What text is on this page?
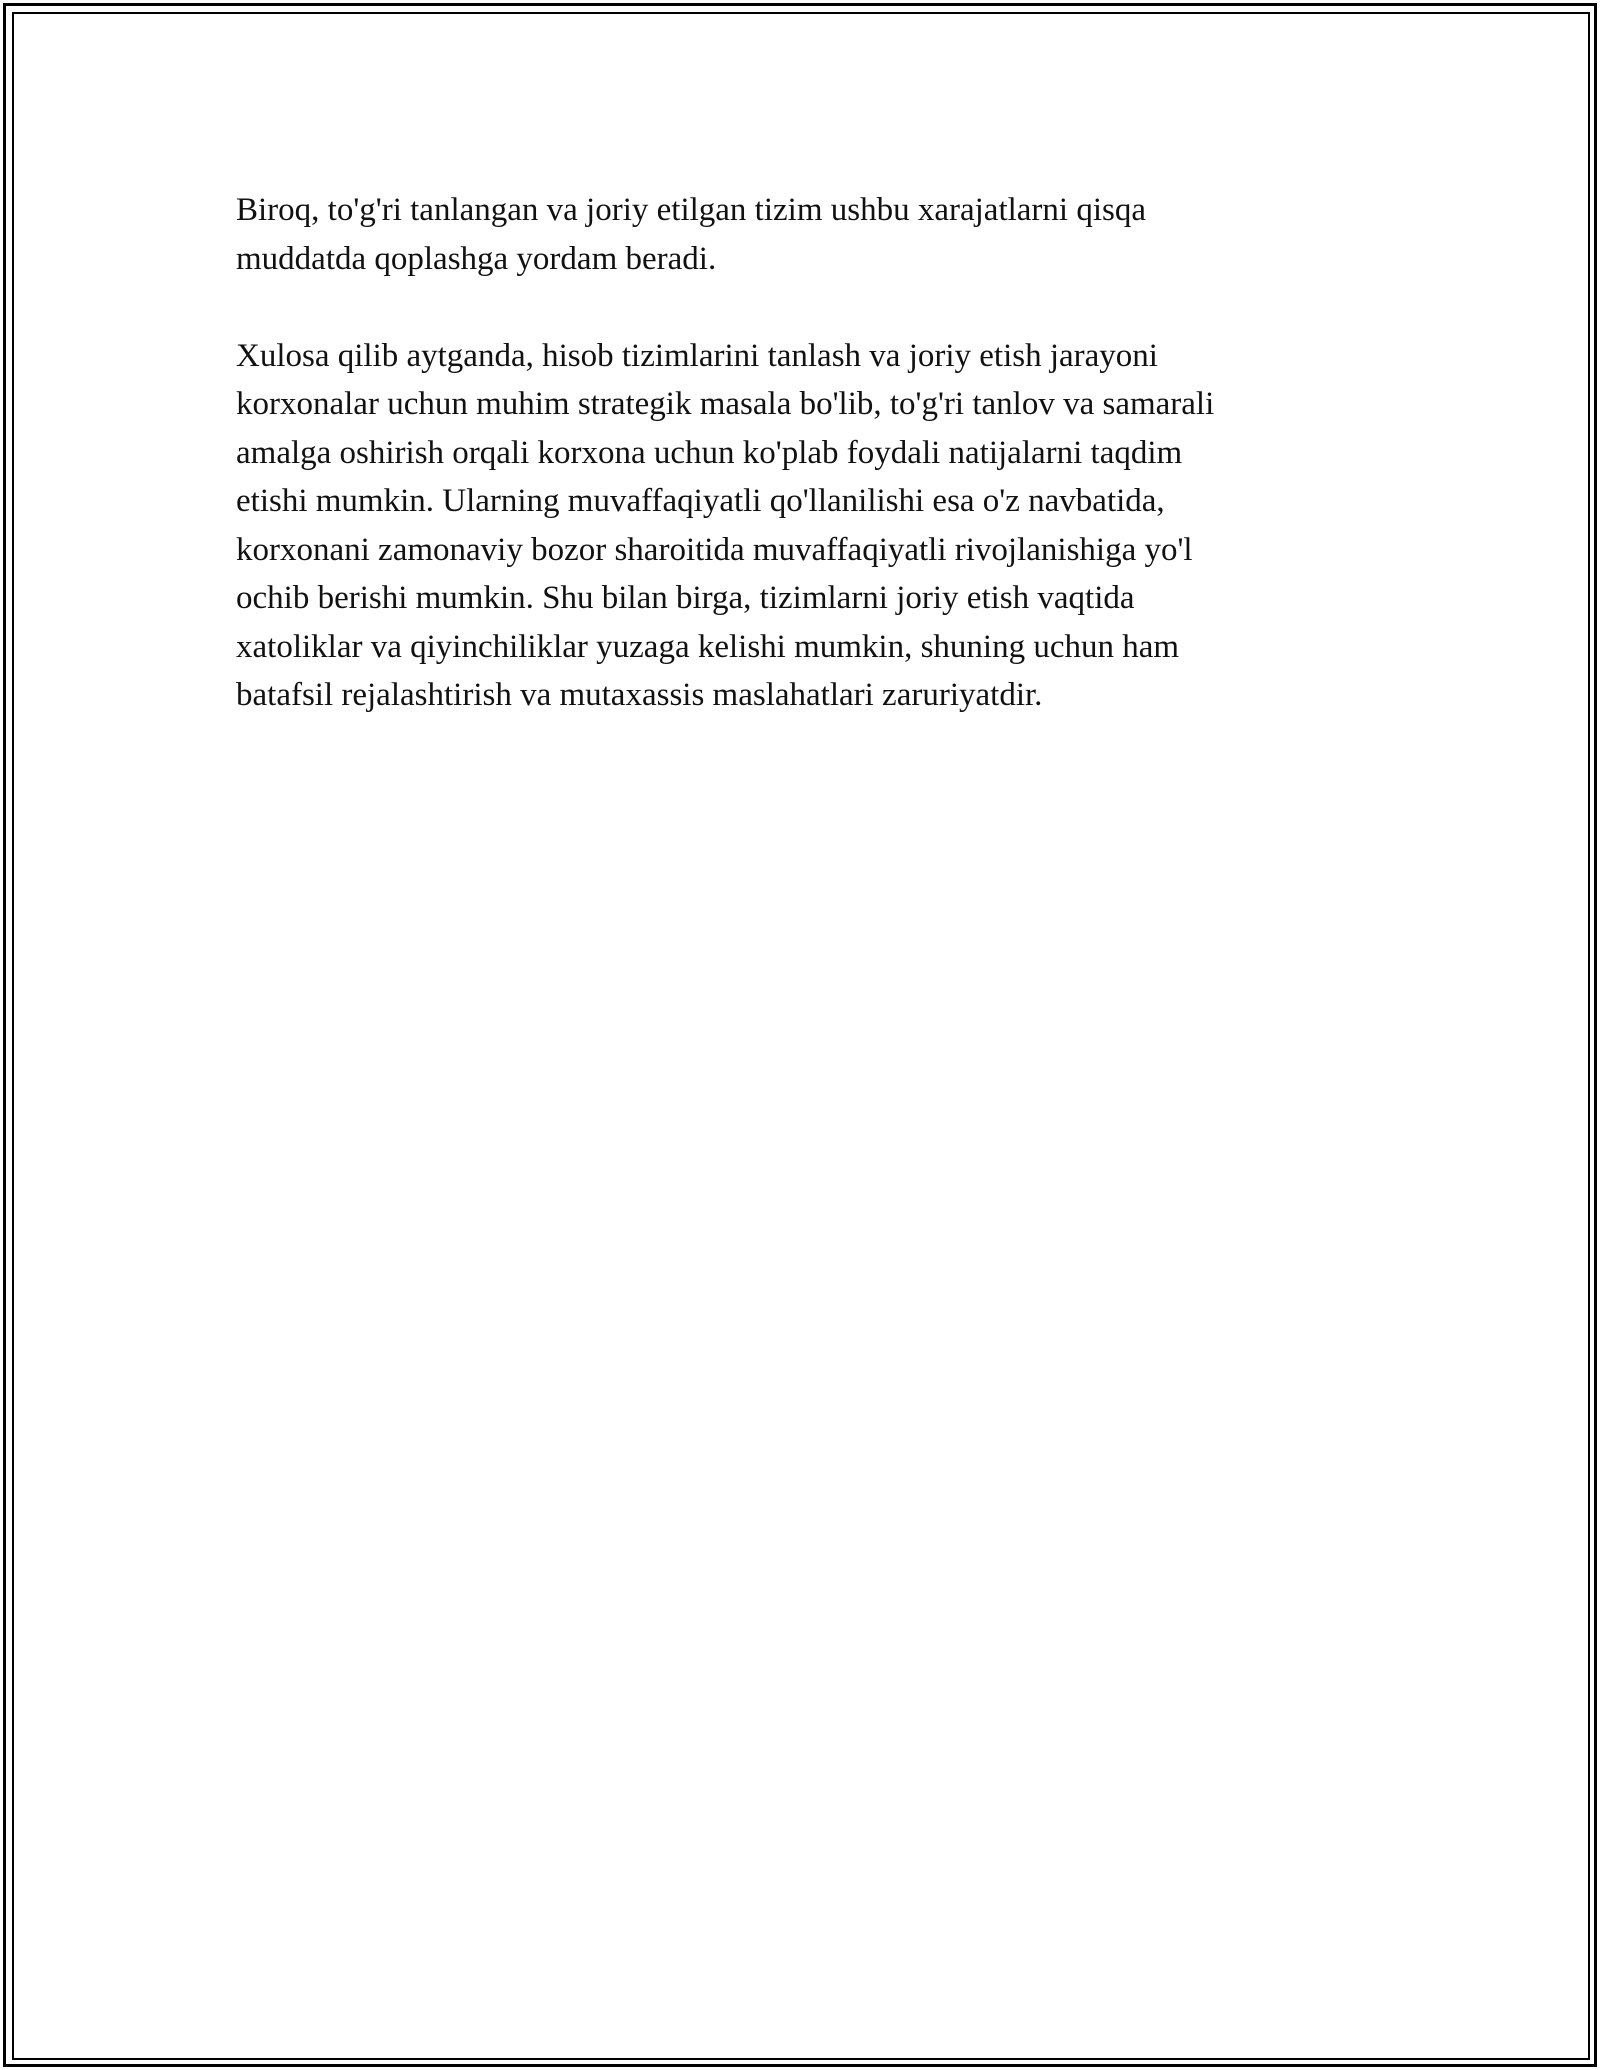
Biroq, to'g'ri tanlangan va joriy etilgan tizim ushbu xarajatlarni qisqa
muddatda qoplashga yordam beradi.

Xulosa qilib aytganda, hisob tizimlarini tanlash va joriy etish jarayoni
korxonalar uchun muhim strategik masala bo'lib, to'g'ri tanlov va samarali
amalga oshirish orqali korxona uchun ko'plab foydali natijalarni taqdim
etishi mumkin. Ularning muvaffaqiyatli qo'llanilishi esa o'z navbatida,
korxonani zamonaviy bozor sharoitida muvaffaqiyatli rivojlanishiga yo'l
ochib berishi mumkin. Shu bilan birga, tizimlarni joriy etish vaqtida
xatoliklar va qiyinchiliklar yuzaga kelishi mumkin, shuning uchun ham
batafsil rejalashtirish va mutaxassis maslahatlari zaruriyatdir.
